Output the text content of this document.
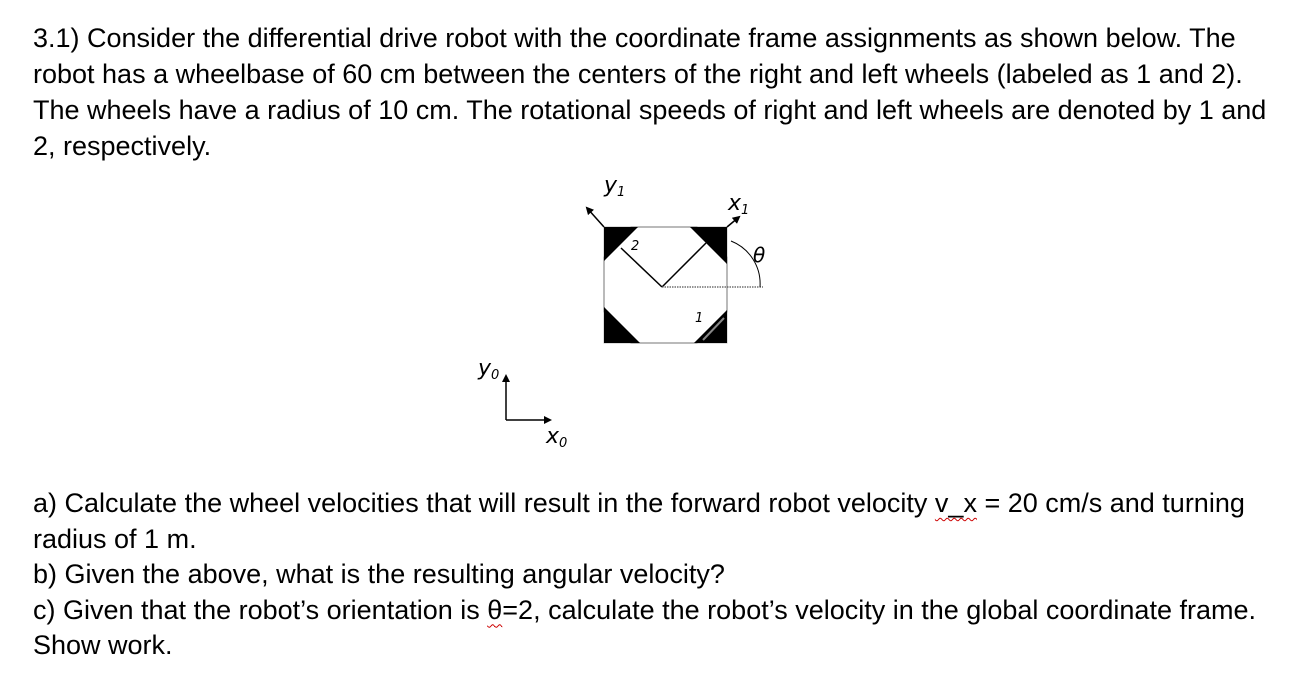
3.1) Consider the differential drive robot with the coordinate frame assignments as shown below. The robot has a wheelbase of 60 cm between the centers of the right and left wheels (labeled as 1 and 2). The wheels have a radius of 10 cm. The rotational speeds of right and left wheels are denoted by 1 and 2, respectively.

y1	x1
θ
2
1
y0
x0

a) Calculate the wheel velocities that will result in the forward robot velocity v_x = 20 cm/s and turning radius of 1 m.

b) Given the above, what is the resulting angular velocity?

c) Given that the robot’s orientation is θ=2, calculate the robot’s velocity in the global coordinate frame. Show work.
